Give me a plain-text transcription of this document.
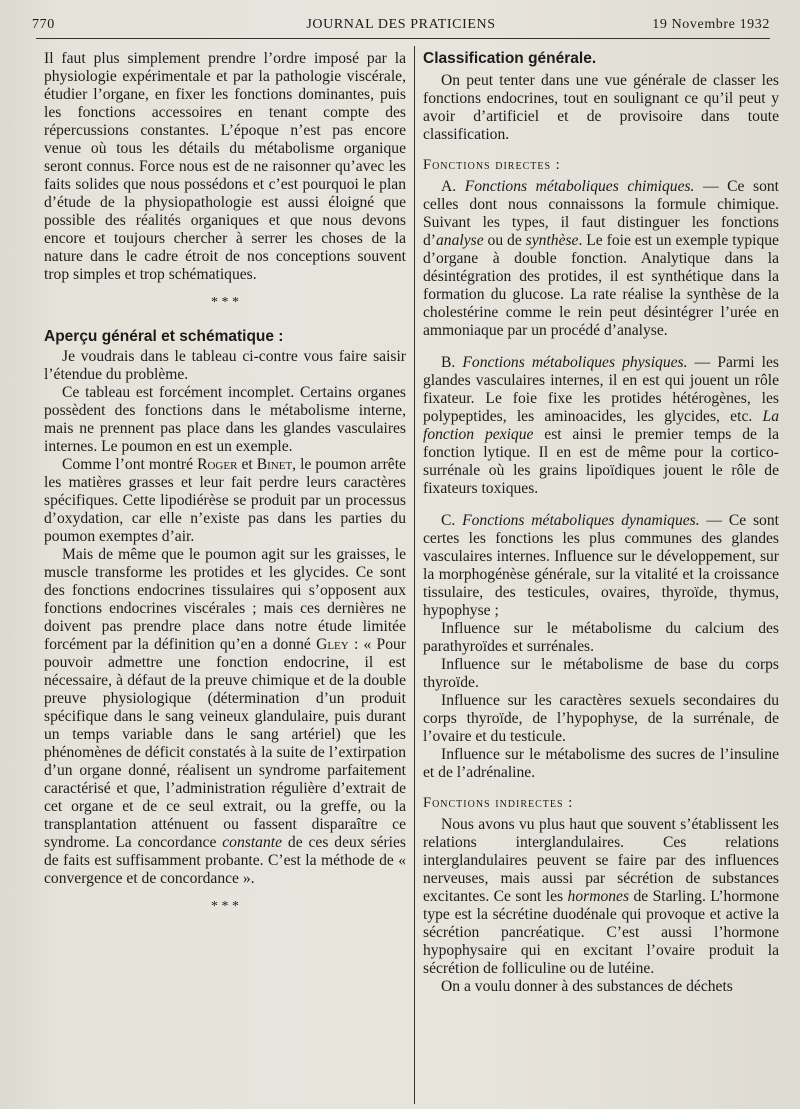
770	JOURNAL DES PRATICIENS	19 Novembre 1932

Il faut plus simplement prendre l’ordre imposé par la physiologie expérimentale et par la pathologie viscérale, étudier l’organe, en fixer les fonctions dominantes, puis les fonctions accessoires en tenant compte des répercussions constantes. L’époque n’est pas encore venue où tous les détails du métabolisme organique seront connus. Force nous est de ne raisonner qu’avec les faits solides que nous possédons et c’est pourquoi le plan d’étude de la physiopathologie est aussi éloigné que possible des réalités organiques et que nous devons encore et toujours chercher à serrer les choses de la nature dans le cadre étroit de nos conceptions souvent trop simples et trop schématiques.

* * *

Aperçu général et schématique :

Je voudrais dans le tableau ci-contre vous faire saisir l’étendue du problème.

Ce tableau est forcément incomplet. Certains organes possèdent des fonctions dans le métabolisme interne, mais ne prennent pas place dans les glandes vasculaires internes. Le poumon en est un exemple.

Comme l’ont montré Roger et Binet, le poumon arrête les matières grasses et leur fait perdre leurs caractères spécifiques. Cette lipodiérèse se produit par un processus d’oxydation, car elle n’existe pas dans les parties du poumon exemptes d’air.

Mais de même que le poumon agit sur les graisses, le muscle transforme les protides et les glycides. Ce sont des fonctions endocrines tissulaires qui s’opposent aux fonctions endocrines viscérales ; mais ces dernières ne doivent pas prendre place dans notre étude limitée forcément par la définition qu’en a donné Gley : « Pour pouvoir admettre une fonction endocrine, il est nécessaire, à défaut de la preuve chimique et de la double preuve physiologique (détermination d’un produit spécifique dans le sang veineux glandulaire, puis durant un temps variable dans le sang artériel) que les phénomènes de déficit constatés à la suite de l’extirpation d’un organe donné, réalisent un syndrome parfaitement caractérisé et que, l’administration régulière d’extrait de cet organe et de ce seul extrait, ou la greffe, ou la transplantation atténuent ou fassent disparaître ce syndrome. La concordance constante de ces deux séries de faits est suffisamment probante. C’est la méthode de « convergence et de concordance ».

* * *

Classification générale.

On peut tenter dans une vue générale de classer les fonctions endocrines, tout en soulignant ce qu’il peut y avoir d’artificiel et de provisoire dans toute classification.

Fonctions directes :

A. Fonctions métaboliques chimiques. — Ce sont celles dont nous connaissons la formule chimique. Suivant les types, il faut distinguer les fonctions d’analyse ou de synthèse. Le foie est un exemple typique d’organe à double fonction. Analytique dans la désintégration des protides, il est synthétique dans la formation du glucose. La rate réalise la synthèse de la cholestérine comme le rein peut désintégrer l’urée en ammoniaque par un procédé d’analyse.

B. Fonctions métaboliques physiques. — Parmi les glandes vasculaires internes, il en est qui jouent un rôle fixateur. Le foie fixe les protides hétérogènes, les polypeptides, les aminoacides, les glycides, etc. La fonction pexique est ainsi le premier temps de la fonction lytique. Il en est de même pour la cortico-surrénale où les grains lipoïdiques jouent le rôle de fixateurs toxiques.

C. Fonctions métaboliques dynamiques. — Ce sont certes les fonctions les plus communes des glandes vasculaires internes. Influence sur le développement, sur la morphogénèse générale, sur la vitalité et la croissance tissulaire, des testicules, ovaires, thyroïde, thymus, hypophyse ;

Influence sur le métabolisme du calcium des parathyroïdes et surrénales.

Influence sur le métabolisme de base du corps thyroïde.

Influence sur les caractères sexuels secondaires du corps thyroïde, de l’hypophyse, de la surrénale, de l’ovaire et du testicule.

Influence sur le métabolisme des sucres de l’insuline et de l’adrénaline.

Fonctions indirectes :

Nous avons vu plus haut que souvent s’établissent les relations interglandulaires. Ces relations interglandulaires peuvent se faire par des influences nerveuses, mais aussi par sécrétion de substances excitantes. Ce sont les hormones de Starling. L’hormone type est la sécrétine duodénale qui provoque et active la sécrétion pancréatique. C’est aussi l’hormone hypophysaire qui en excitant l’ovaire produit la sécrétion de folliculine ou de lutéine.

On a voulu donner à des substances de déchets
